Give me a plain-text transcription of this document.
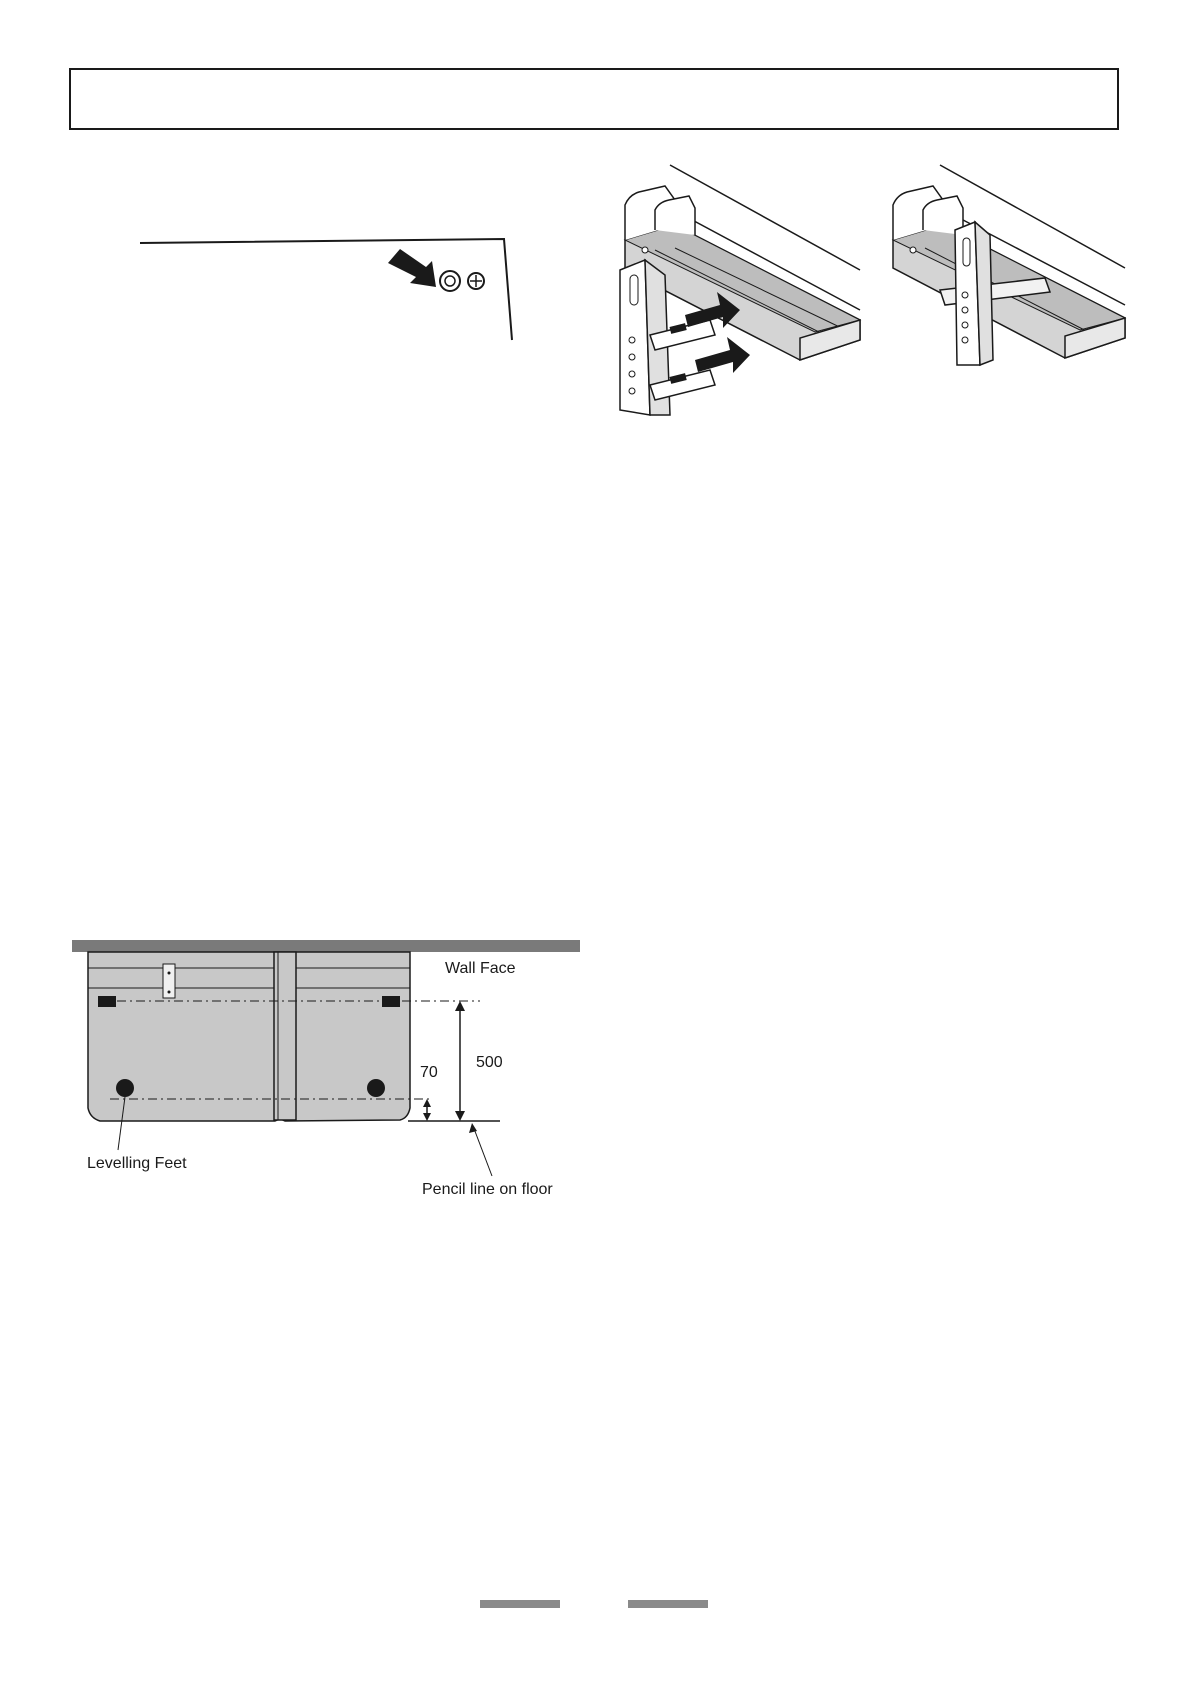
Wall Face
500
70
Levelling Feet
Pencil line on floor
